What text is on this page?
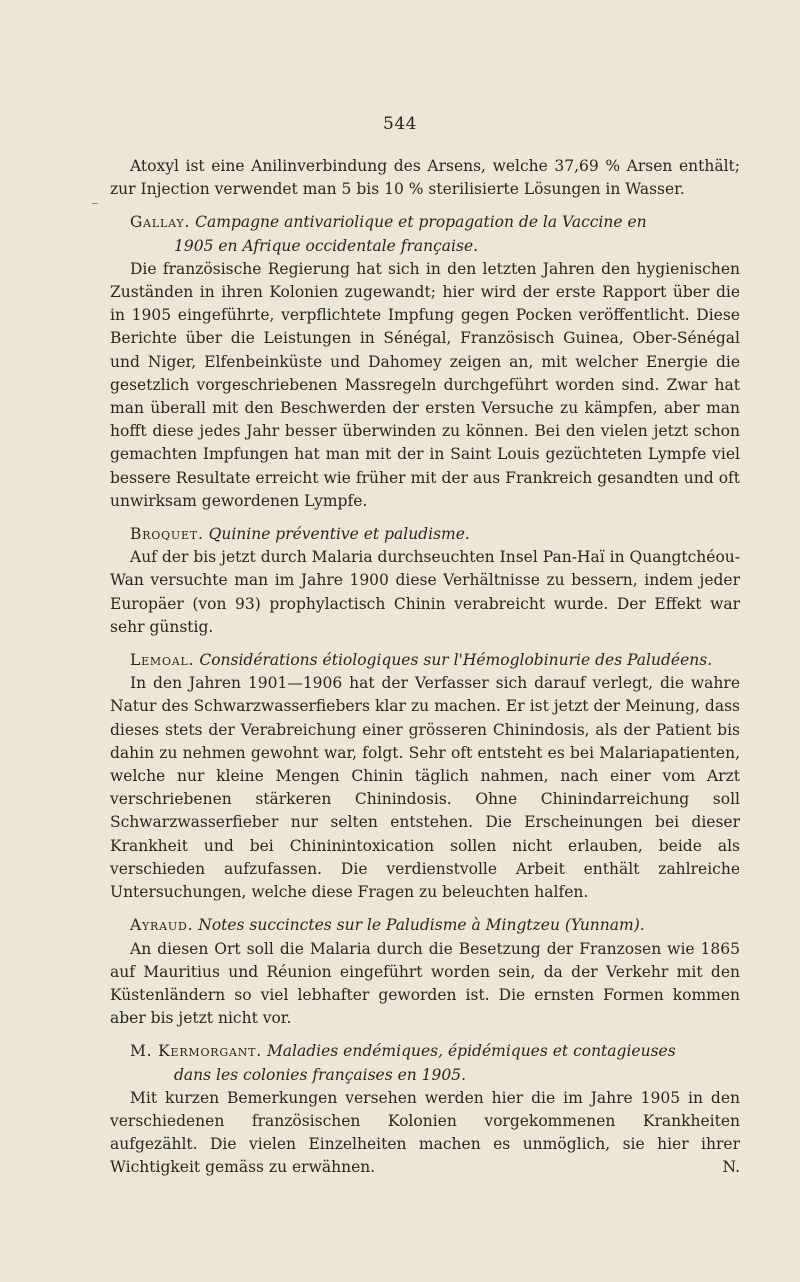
544
_

Atoxyl ist eine Anilinverbindung des Arsens, welche 37,69 % Arsen enthält; zur Injection verwendet man 5 bis 10 % sterilisierte Lösungen in Wasser.

Gallay. Campagne antivariolique et propagation de la Vaccine en

1905 en Afrique occidentale française.

Die französische Regierung hat sich in den letzten Jahren den hygienischen Zuständen in ihren Kolonien zugewandt; hier wird der erste Rapport über die in 1905 eingeführte, verpflichtete Impfung gegen Pocken veröffentlicht. Diese Berichte über die Leistungen in Sénégal, Französisch Guinea, Ober-Sénégal und Niger, Elfenbeinküste und Dahomey zeigen an, mit welcher Energie die gesetzlich vorgeschriebenen Massregeln durchgeführt worden sind. Zwar hat man überall mit den Beschwerden der ersten Versuche zu kämpfen, aber man hofft diese jedes Jahr besser überwinden zu können. Bei den vielen jetzt schon gemachten Impfungen hat man mit der in Saint Louis gezüchteten Lympfe viel bessere Resultate erreicht wie früher mit der aus Frankreich gesandten und oft unwirksam gewordenen Lympfe.

Broquet. Quinine préventive et paludisme.

Auf der bis jetzt durch Malaria durchseuchten Insel Pan-Haï in Quangtchéou-Wan versuchte man im Jahre 1900 diese Verhältnisse zu bessern, indem jeder Europäer (von 93) prophylactisch Chinin verabreicht wurde. Der Effekt war sehr günstig.

Lemoal. Considérations étiologiques sur l'Hémoglobinurie des Paludéens.

In den Jahren 1901—1906 hat der Verfasser sich darauf verlegt, die wahre Natur des Schwarzwasserfiebers klar zu machen. Er ist jetzt der Meinung, dass dieses stets der Verabreichung einer grösseren Chinindosis, als der Patient bis dahin zu nehmen gewohnt war, folgt. Sehr oft entsteht es bei Malariapatienten, welche nur kleine Mengen Chinin täglich nahmen, nach einer vom Arzt verschriebenen stärkeren Chinindosis. Ohne Chinindarreichung soll Schwarzwasserfieber nur selten entstehen. Die Erscheinungen bei dieser Krankheit und bei Chininintoxication sollen nicht erlauben, beide als verschieden aufzufassen. Die verdienstvolle Arbeit enthält zahlreiche Untersuchungen, welche diese Fragen zu beleuchten halfen.

Ayraud. Notes succinctes sur le Paludisme à Mingtzeu (Yunnam).

An diesen Ort soll die Malaria durch die Besetzung der Franzosen wie 1865 auf Mauritius und Réunion eingeführt worden sein, da der Verkehr mit den Küstenländern so viel lebhafter geworden ist. Die ernsten Formen kommen aber bis jetzt nicht vor.

M. Kermorgant. Maladies endémiques, épidémiques et contagieuses

dans les colonies françaises en 1905.

Mit kurzen Bemerkungen versehen werden hier die im Jahre 1905 in den verschiedenen französischen Kolonien vorgekommenen Krankheiten aufgezählt. Die vielen Einzelheiten machen es unmöglich, sie hier ihrer Wichtigkeit gemäss zu erwähnen.	N.
